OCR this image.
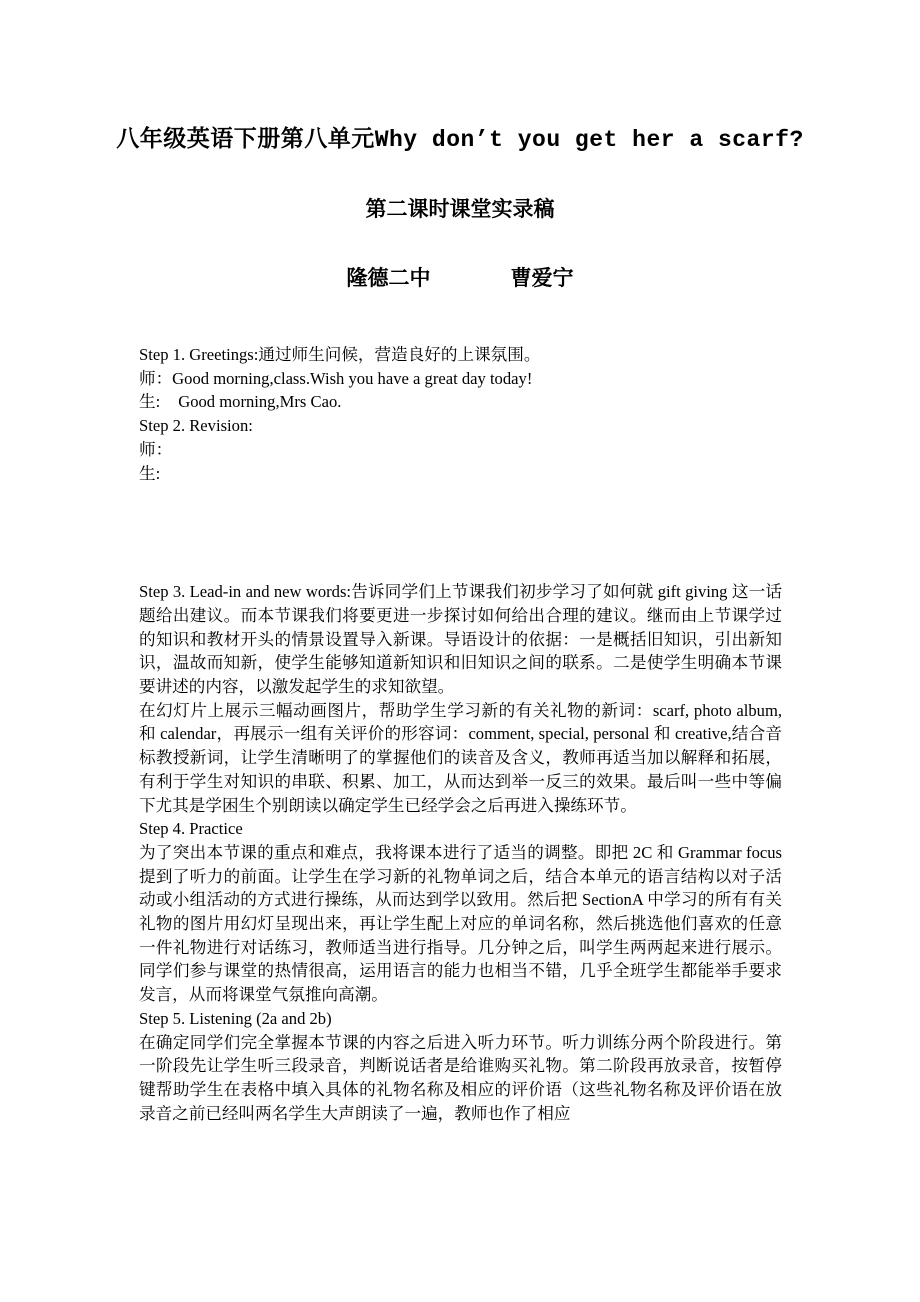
八年级英语下册第八单元Why don’t you get her a scarf?
第二课时课堂实录稿
隆德二中	曹爱宁

Step 1. Greetings:通过师生问候，营造良好的上课氛围。

师：Good morning,class.Wish you have a great day today!

生: Good morning,Mrs Cao.

Step 2. Revision:

师：

生:

Step 3. Lead-in and new words:告诉同学们上节课我们初步学习了如何就 gift giving 这一话题给出建议。而本节课我们将要更进一步探讨如何给出合理的建议。继而由上节课学过的知识和教材开头的情景设置导入新课。导语设计的依据：一是概括旧知识，引出新知识，温故而知新，使学生能够知道新知识和旧知识之间的联系。二是使学生明确本节课要讲述的内容，以激发起学生的求知欲望。

在幻灯片上展示三幅动画图片，帮助学生学习新的有关礼物的新词：scarf, photo album, 和 calendar，再展示一组有关评价的形容词：comment, special, personal 和 creative,结合音标教授新词，让学生清晰明了的掌握他们的读音及含义，教师再适当加以解释和拓展，有利于学生对知识的串联、积累、加工，从而达到举一反三的效果。最后叫一些中等偏下尤其是学困生个别朗读以确定学生已经学会之后再进入操练环节。

Step 4. Practice

为了突出本节课的重点和难点，我将课本进行了适当的调整。即把 2C 和 Grammar focus 提到了听力的前面。让学生在学习新的礼物单词之后，结合本单元的语言结构以对子活动或小组活动的方式进行操练，从而达到学以致用。然后把 SectionA 中学习的所有有关礼物的图片用幻灯呈现出来，再让学生配上对应的单词名称，然后挑选他们喜欢的任意一件礼物进行对话练习，教师适当进行指导。几分钟之后，叫学生两两起来进行展示。同学们参与课堂的热情很高，运用语言的能力也相当不错，几乎全班学生都能举手要求发言，从而将课堂气氛推向高潮。

Step 5. Listening (2a and 2b)

在确定同学们完全掌握本节课的内容之后进入听力环节。听力训练分两个阶段进行。第一阶段先让学生听三段录音，判断说话者是给谁购买礼物。第二阶段再放录音，按暂停键帮助学生在表格中填入具体的礼物名称及相应的评价语（这些礼物名称及评价语在放录音之前已经叫两名学生大声朗读了一遍，教师也作了相应
